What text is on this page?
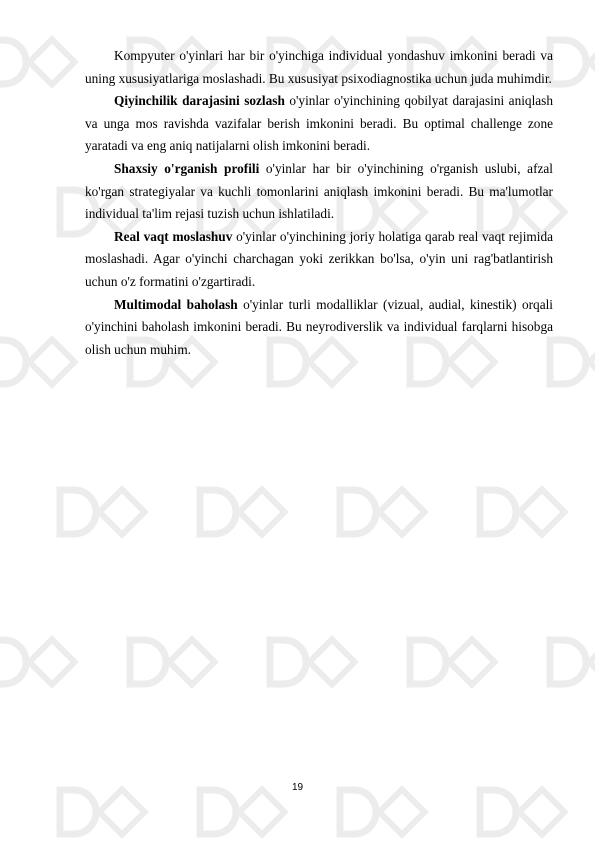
Kompyuter o'yinlari har bir o'yinchiga individual yondashuv imkonini beradi va uning xususiyatlariga moslashadi. Bu xususiyat psixodiagnostika uchun juda muhimdir.

Qiyinchilik darajasini sozlash o'yinlar o'yinchining qobilyat darajasini aniqlash va unga mos ravishda vazifalar berish imkonini beradi. Bu optimal challenge zone yaratadi va eng aniq natijalarni olish imkonini beradi.

Shaxsiy o'rganish profili o'yinlar har bir o'yinchining o'rganish uslubi, afzal ko'rgan strategiyalar va kuchli tomonlarini aniqlash imkonini beradi. Bu ma'lumotlar individual ta'lim rejasi tuzish uchun ishlatiladi.

Real vaqt moslashuv o'yinlar o'yinchining joriy holatiga qarab real vaqt rejimida moslashadi. Agar o'yinchi charchagan yoki zerikkan bo'lsa, o'yin uni rag'batlantirish uchun o'z formatini o'zgartiradi.

Multimodal baholash o'yinlar turli modalliklar (vizual, audial, kinestik) orqali o'yinchini baholash imkonini beradi. Bu neyrodiverslik va individual farqlarni hisobga olish uchun muhim.

19
